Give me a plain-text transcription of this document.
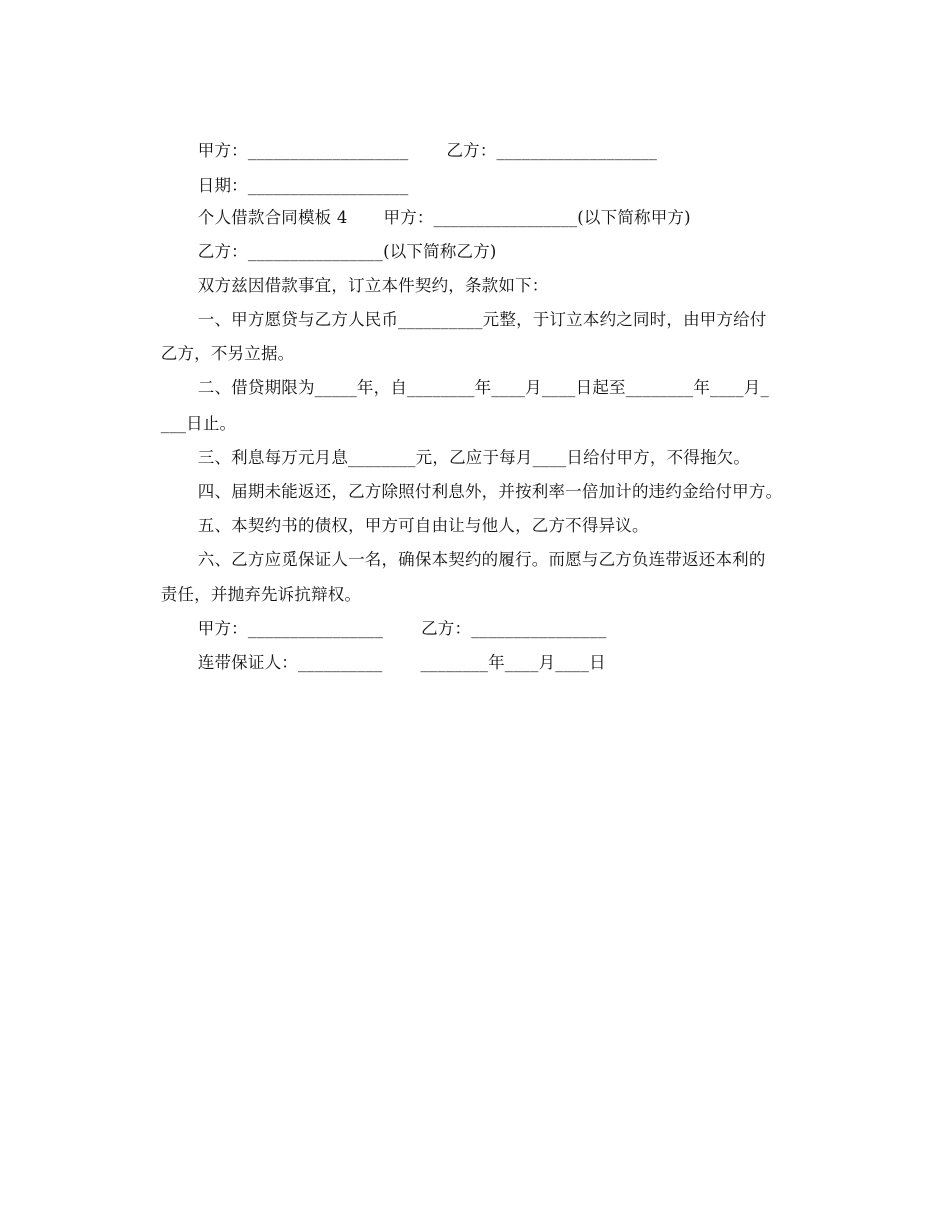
甲方：___________________ 乙方：___________________

日期：___________________

个人借款合同模板 4 甲方：_________________(以下简称甲方)

乙方：________________(以下简称乙方)

双方兹因借款事宜，订立本件契约，条款如下：

一、甲方愿贷与乙方人民币__________元整，于订立本约之同时，由甲方给付

乙方，不另立据。

二、借贷期限为_____年，自________年____月____日起至________年____月_

___日止。

三、利息每万元月息________元，乙应于每月____日给付甲方，不得拖欠。

四、届期未能返还，乙方除照付利息外，并按利率一倍加计的违约金给付甲方。

五、本契约书的债权，甲方可自由让与他人，乙方不得异议。

六、乙方应觅保证人一名，确保本契约的履行。而愿与乙方负连带返还本利的

责任，并抛弃先诉抗辩权。

甲方：________________ 乙方：________________

连带保证人：__________ ________年____月____日
